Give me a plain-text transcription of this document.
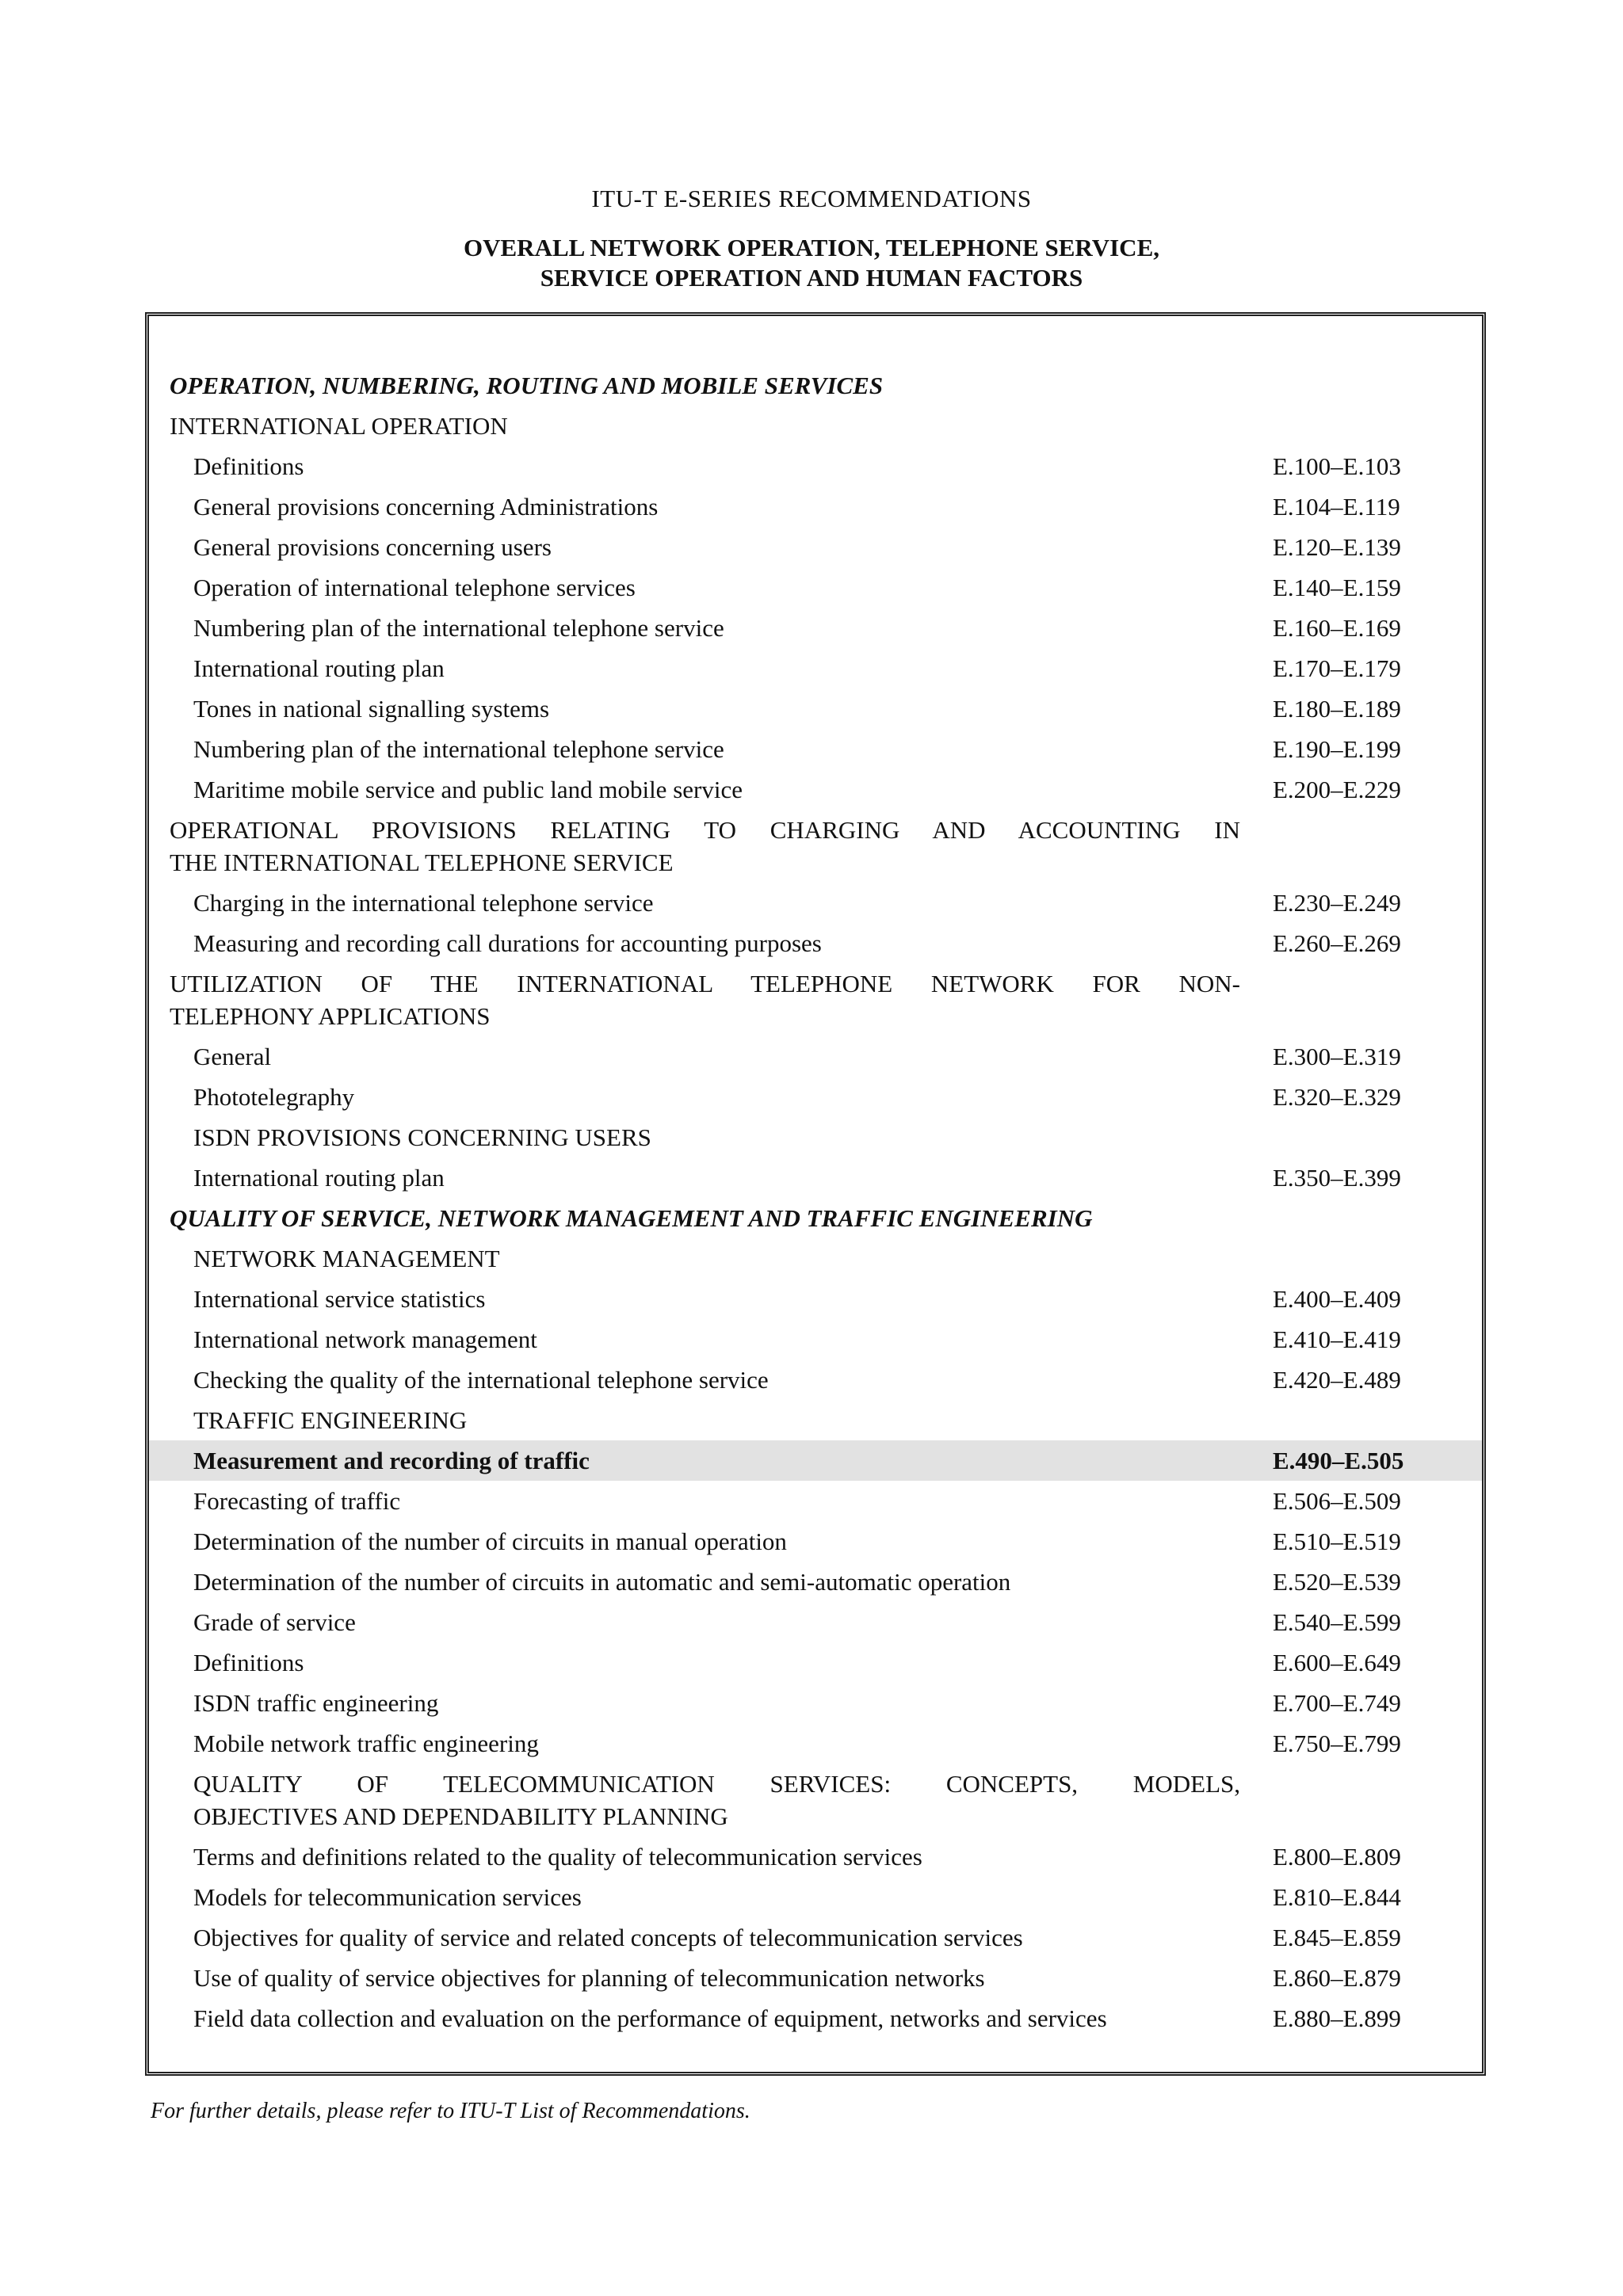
ITU-T E-SERIES RECOMMENDATIONS
OVERALL NETWORK OPERATION, TELEPHONE SERVICE,
SERVICE OPERATION AND HUMAN FACTORS
OPERATION, NUMBERING, ROUTING AND MOBILE SERVICES
INTERNATIONAL OPERATION
Definitions	E.100–E.103
General provisions concerning Administrations	E.104–E.119
General provisions concerning users	E.120–E.139
Operation of international telephone services	E.140–E.159
Numbering plan of the international telephone service	E.160–E.169
International routing plan	E.170–E.179
Tones in national signalling systems	E.180–E.189
Numbering plan of the international telephone service	E.190–E.199
Maritime mobile service and public land mobile service	E.200–E.229
OPERATIONAL PROVISIONS RELATING TO CHARGING AND ACCOUNTING IN
THE INTERNATIONAL TELEPHONE SERVICE
Charging in the international telephone service	E.230–E.249
Measuring and recording call durations for accounting purposes	E.260–E.269
UTILIZATION OF THE INTERNATIONAL TELEPHONE NETWORK FOR NON-
TELEPHONY APPLICATIONS
General	E.300–E.319
Phototelegraphy	E.320–E.329
ISDN PROVISIONS CONCERNING USERS
International routing plan	E.350–E.399
QUALITY OF SERVICE, NETWORK MANAGEMENT AND TRAFFIC ENGINEERING
NETWORK MANAGEMENT
International service statistics	E.400–E.409
International network management	E.410–E.419
Checking the quality of the international telephone service	E.420–E.489
TRAFFIC ENGINEERING
Measurement and recording of traffic	E.490–E.505
Forecasting of traffic	E.506–E.509
Determination of the number of circuits in manual operation	E.510–E.519
Determination of the number of circuits in automatic and semi-automatic operation	E.520–E.539
Grade of service	E.540–E.599
Definitions	E.600–E.649
ISDN traffic engineering	E.700–E.749
Mobile network traffic engineering	E.750–E.799
QUALITY OF TELECOMMUNICATION SERVICES: CONCEPTS, MODELS,
OBJECTIVES AND DEPENDABILITY PLANNING
Terms and definitions related to the quality of telecommunication services	E.800–E.809
Models for telecommunication services	E.810–E.844
Objectives for quality of service and related concepts of telecommunication services	E.845–E.859
Use of quality of service objectives for planning of telecommunication networks	E.860–E.879
Field data collection and evaluation on the performance of equipment, networks and services	E.880–E.899

For further details, please refer to ITU-T List of Recommendations.
